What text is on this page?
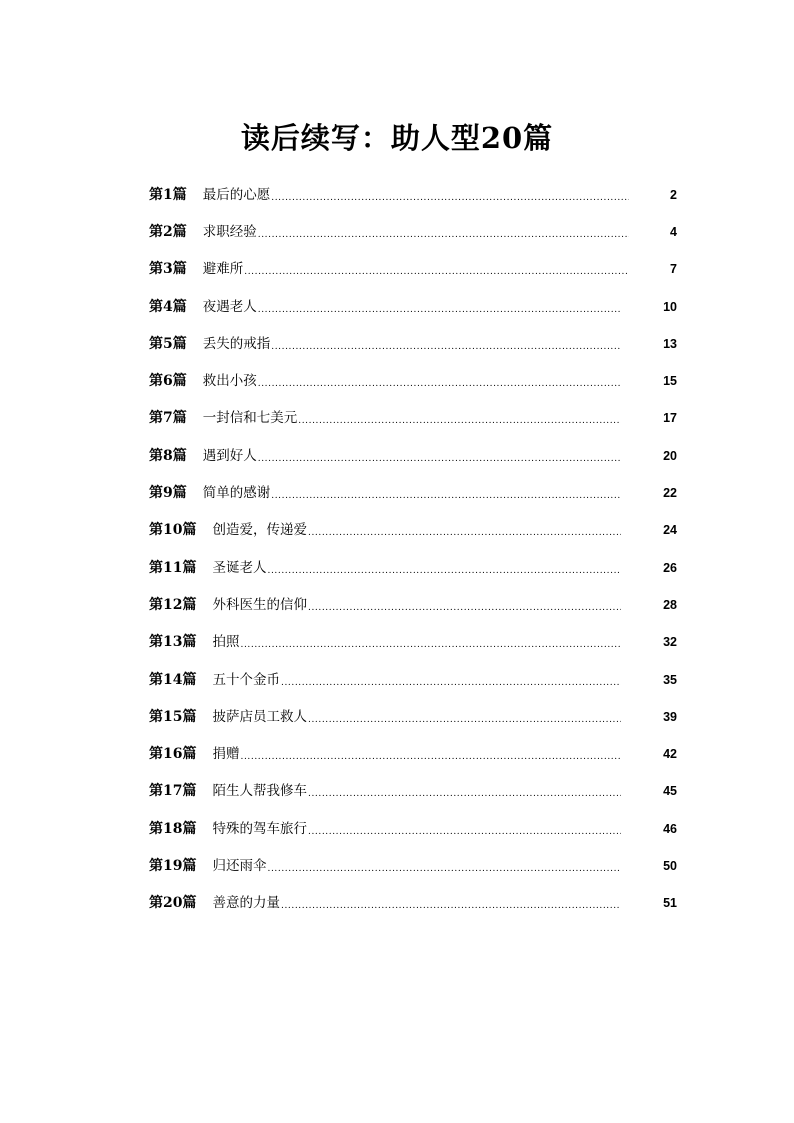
读后续写：助人型20篇
第1篇 最后的心愿 .....	2
第2篇 求职经验 .....	4
第3篇 避难所 .....	7
第4篇 夜遇老人 .....	10
第5篇 丢失的戒指 .....	13
第6篇 救出小孩 .....	15
第7篇 一封信和七美元 .....	17
第8篇 遇到好人 .....	20
第9篇 简单的感谢 .....	22
第10篇 创造爱，传递爱 .....	24
第11篇 圣诞老人 .....	26
第12篇 外科医生的信仰 .....	28
第13篇 拍照 .....	32
第14篇 五十个金币 .....	35
第15篇 披萨店员工救人 .....	39
第16篇 捐赠 .....	42
第17篇 陌生人帮我修车 .....	45
第18篇 特殊的驾车旅行 .....	46
第19篇 归还雨伞 .....	50
第20篇 善意的力量 .....	51
